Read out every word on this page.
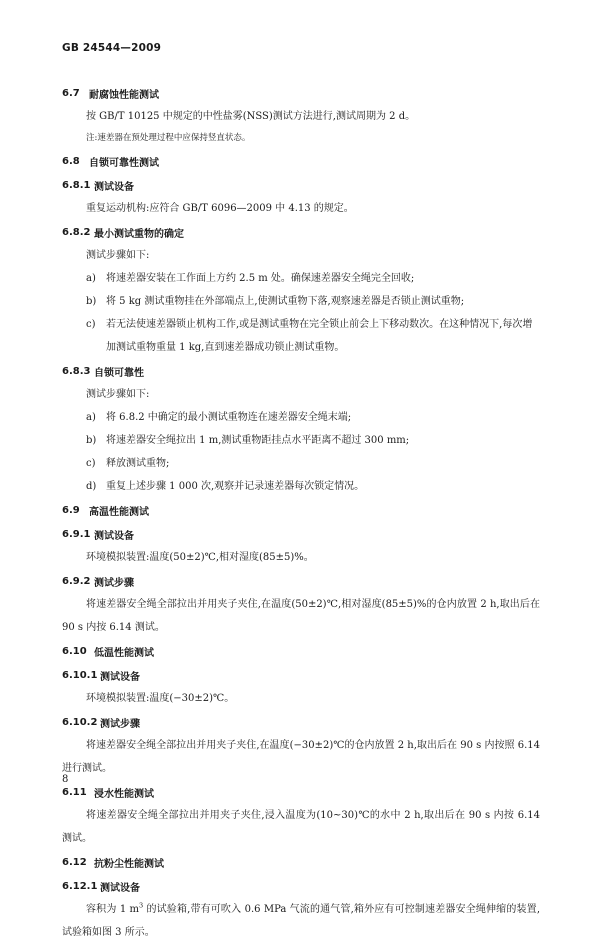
GB 24544—2009
6.7 耐腐蚀性能测试
按 GB/T 10125 中规定的中性盐雾(NSS)测试方法进行,测试周期为 2 d。
注:速差器在预处理过程中应保持竖直状态。
6.8 自锁可靠性测试
6.8.1 测试设备
重复运动机构:应符合 GB/T 6096—2009 中 4.13 的规定。
6.8.2 最小测试重物的确定
测试步骤如下:
a)	将速差器安装在工作面上方约 2.5 m 处。确保速差器安全绳完全回收;
b) 将 5 kg 测试重物挂在外部端点上,使测试重物下落,观察速差器是否锁止测试重物;
c)	若无法使速差器锁止机构工作,或是测试重物在完全锁止前会上下移动数次。在这种情况下,每次增加测试重物重量 1 kg,直到速差器成功锁止测试重物。
6.8.3 自锁可靠性
测试步骤如下:
a)	将 6.8.2 中确定的最小测试重物连在速差器安全绳末端;
b) 将速差器安全绳拉出 1 m,测试重物距挂点水平距离不超过 300 mm;
c)	释放测试重物;
d) 重复上述步骤 1 000 次,观察并记录速差器每次锁定情况。
6.9 高温性能测试
6.9.1 测试设备
环境模拟装置:温度(50±2)℃,相对湿度(85±5)%。
6.9.2 测试步骤
将速差器安全绳全部拉出并用夹子夹住,在温度(50±2)℃,相对湿度(85±5)%的仓内放置 2 h,取出后在 90 s 内按 6.14 测试。
6.10 低温性能测试
6.10.1 测试设备
环境模拟装置:温度(−30±2)℃。
6.10.2 测试步骤
将速差器安全绳全部拉出并用夹子夹住,在温度(−30±2)℃的仓内放置 2 h,取出后在 90 s 内按照 6.14 进行测试。
6.11 浸水性能测试
将速差器安全绳全部拉出并用夹子夹住,浸入温度为(10~30)℃的水中 2 h,取出后在 90 s 内按 6.14 测试。
6.12 抗粉尘性能测试
6.12.1 测试设备
容积为 1 $m^3$ 的试验箱,带有可吹入 0.6 MPa 气流的通气管,箱外应有可控制速差器安全绳伸缩的装置,试验箱如图 3 所示。
8
